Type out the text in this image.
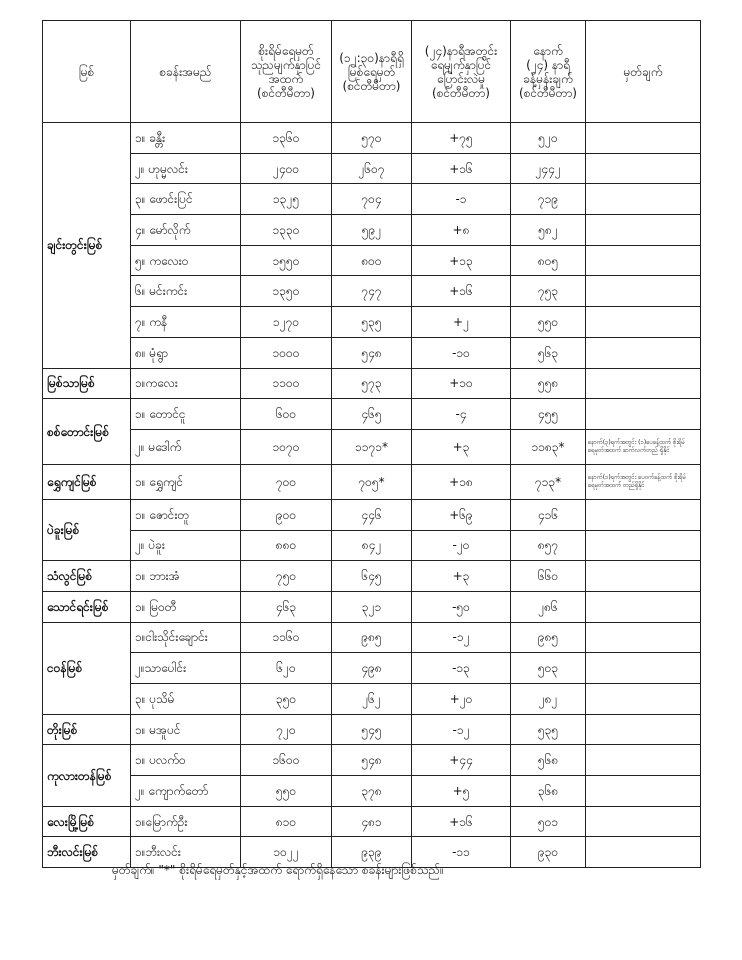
မြစ်	စခန်းအမည်	စိုးရိမ်ရေမှတ်
သုညမျက်နှာပြင်
အထက်
(စင်တီမီတာ)	(၁၂:၃၀)နာရီရှိ
မြစ်ရေမှတ်
(စင်တီမီတာ)	(၂၄)နာရီအတွင်း
ရေမျက်နှာပြင်
ပြောင်းလဲမှု
(စင်တီမီတာ)	နောက်
(၂၄) နာရီ
ခန့်မှန်းချက်
(စင်တီမီတာ)	မှတ်ချက်
ချင်းတွင်းမြစ်	၁။ ခန္တီး	၁၃၆၀	၅၇၀	+၇၅	၅၂၀	
	၂။ ဟုမ္မလင်း	၂၄၀၀	၂၆၀၇	+၁၆	၂၄၄၂	
	၃။ ဖောင်းပြင်	၁၃၂၅	၇၀၄	-၁	၇၁၉	
	၄။ မော်လိုက်	၁၃၃၀	၅၉၂	+၈	၅၈၂	
	၅။ ကလေးဝ	၁၅၅၀	၈၀၀	+၁၃	၈၀၅	
	၆။ မင်းကင်း	၁၃၅၀	၇၄၇	+၁၆	၇၅၃	
	၇။ ကနီ	၁၂၇၀	၅၃၅	+၂	၅၅၀	
	၈။ မုံရွာ	၁၀၀၀	၅၄၈	-၁၀	၅၆၃	
မြစ်သာမြစ်	၁။ကလေး	၁၁၀၀	၅၇၃	+၁၀	၅၅၈	
စစ်တောင်းမြစ်	၁။ တောင်ငူ	၆၀၀	၄၆၅	-၄	၄၅၅	
	၂။ မဒေါက်	၁၀၇၀	၁၁၇၁*	+၃	၁၁၈၃*	နောက်(၃)ရက်အတွင်း (၁)ပေခန့်ထက် စိုးရိမ်ရေမှတ်အထက် ဆက်လက်တည် ရှိနိုင်
ရွှေကျင်မြစ်	၁။ ရွှေကျင်	၇၀၀	၇၀၅*	+၁၈	၇၁၃*	နောက်(၁)ရက်အတွင်း ပေဝက်ခန့်ထက် စိုးရိမ်ရေမှတ်အထက် တည်ရှိနိုင်
ပဲခူးမြစ်	၁။ ဇောင်းတူ	၉၀၀	၄၄၆	+၆၉	၄၁၆	
	၂။ ပဲခူး	၈၈၀	၈၄၂	-၂၀	၈၅၇	
သံလွင်မြစ်	၁။ ဘားအံ	၇၅၀	၆၄၅	+၃	၆၆၀	
သောင်ရင်းမြစ်	၁။ မြဝတီ	၄၆၃	၃၂၁	-၅၀	၂၈၆	
ငဝန်မြစ်	၁။ငါးသိုင်းချောင်း	၁၁၆၀	၉၈၅	-၁၂	၉၈၅	
	၂။သာပေါင်း	၆၂၀	၄၉၈	-၁၃	၅၀၃	
	၃။ ပုသိမ်	၃၅၀	၂၆၂	+၂၀	၂၈၂	
တိုးမြစ်	၁။ မအူပင်	၇၂၀	၅၄၅	-၁၂	၅၃၅	
ကုလားတန်မြစ်	၁။ ပလက်ဝ	၁၆၀၀	၅၄၈	+၄၄	၅၆၈	
	၂။ ကျောက်တော်	၅၅၀	၃၇၈	+၅	၃၆၈	
လေးမြို့မြစ်	၁။မြောက်ဦး	၈၁၀	၄၈၁	+၁၆	၅၀၁	
ဘီးလင်းမြစ်	၁။ဘီးလင်း	၁၀၂၂	၉၃၉	-၁၁	၉၃၀	
မှတ်ချက်။ "*" စိုးရိမ်ရေမှတ်နှင့်အထက် ရောက်ရှိနေသော စခန်းများဖြစ်သည်။
